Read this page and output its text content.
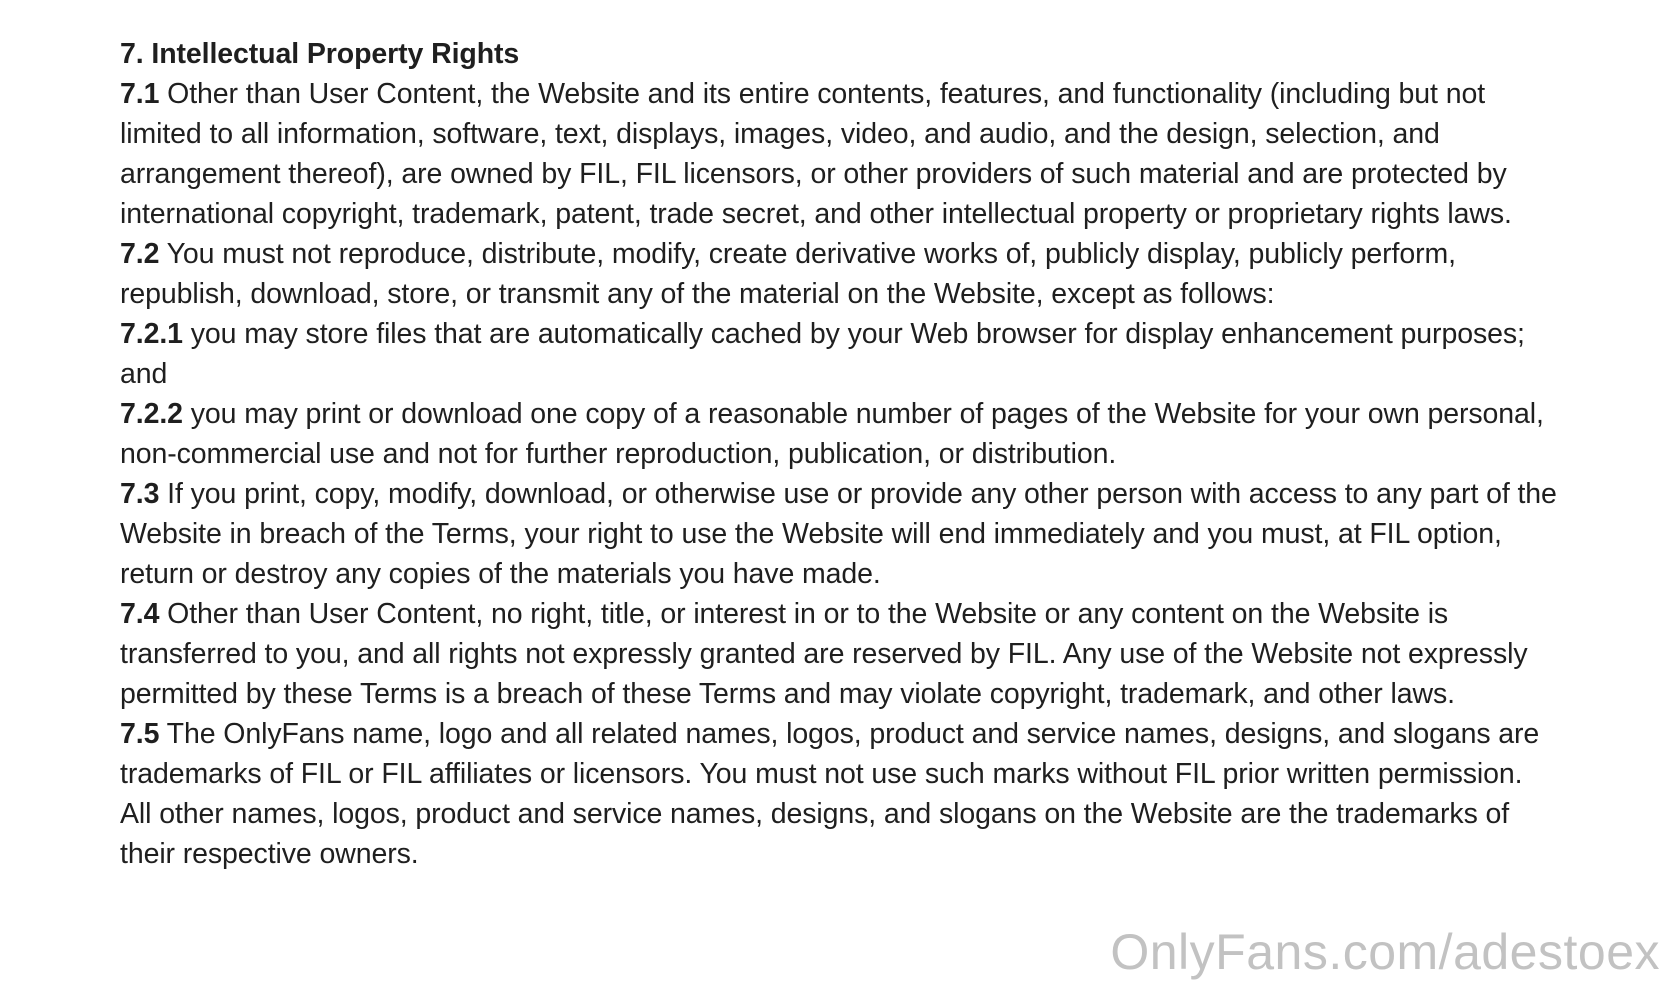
7. Intellectual Property Rights

7.1 Other than User Content, the Website and its entire contents, features, and functionality (including but not limited to all information, software, text, displays, images, video, and audio, and the design, selection, and arrangement thereof), are owned by FIL, FIL licensors, or other providers of such material and are protected by international copyright, trademark, patent, trade secret, and other intellectual property or proprietary rights laws.

7.2 You must not reproduce, distribute, modify, create derivative works of, publicly display, publicly perform, republish, download, store, or transmit any of the material on the Website, except as follows:

7.2.1 you may store files that are automatically cached by your Web browser for display enhancement purposes; and

7.2.2 you may print or download one copy of a reasonable number of pages of the Website for your own personal, non-commercial use and not for further reproduction, publication, or distribution.

7.3 If you print, copy, modify, download, or otherwise use or provide any other person with access to any part of the Website in breach of the Terms, your right to use the Website will end immediately and you must, at FIL option, return or destroy any copies of the materials you have made.

7.4 Other than User Content, no right, title, or interest in or to the Website or any content on the Website is transferred to you, and all rights not expressly granted are reserved by FIL. Any use of the Website not expressly permitted by these Terms is a breach of these Terms and may violate copyright, trademark, and other laws.

7.5 The OnlyFans name, logo and all related names, logos, product and service names, designs, and slogans are trademarks of FIL or FIL affiliates or licensors. You must not use such marks without FIL prior written permission. All other names, logos, product and service names, designs, and slogans on the Website are the trademarks of their respective owners.

OnlyFans.com/adestoex
